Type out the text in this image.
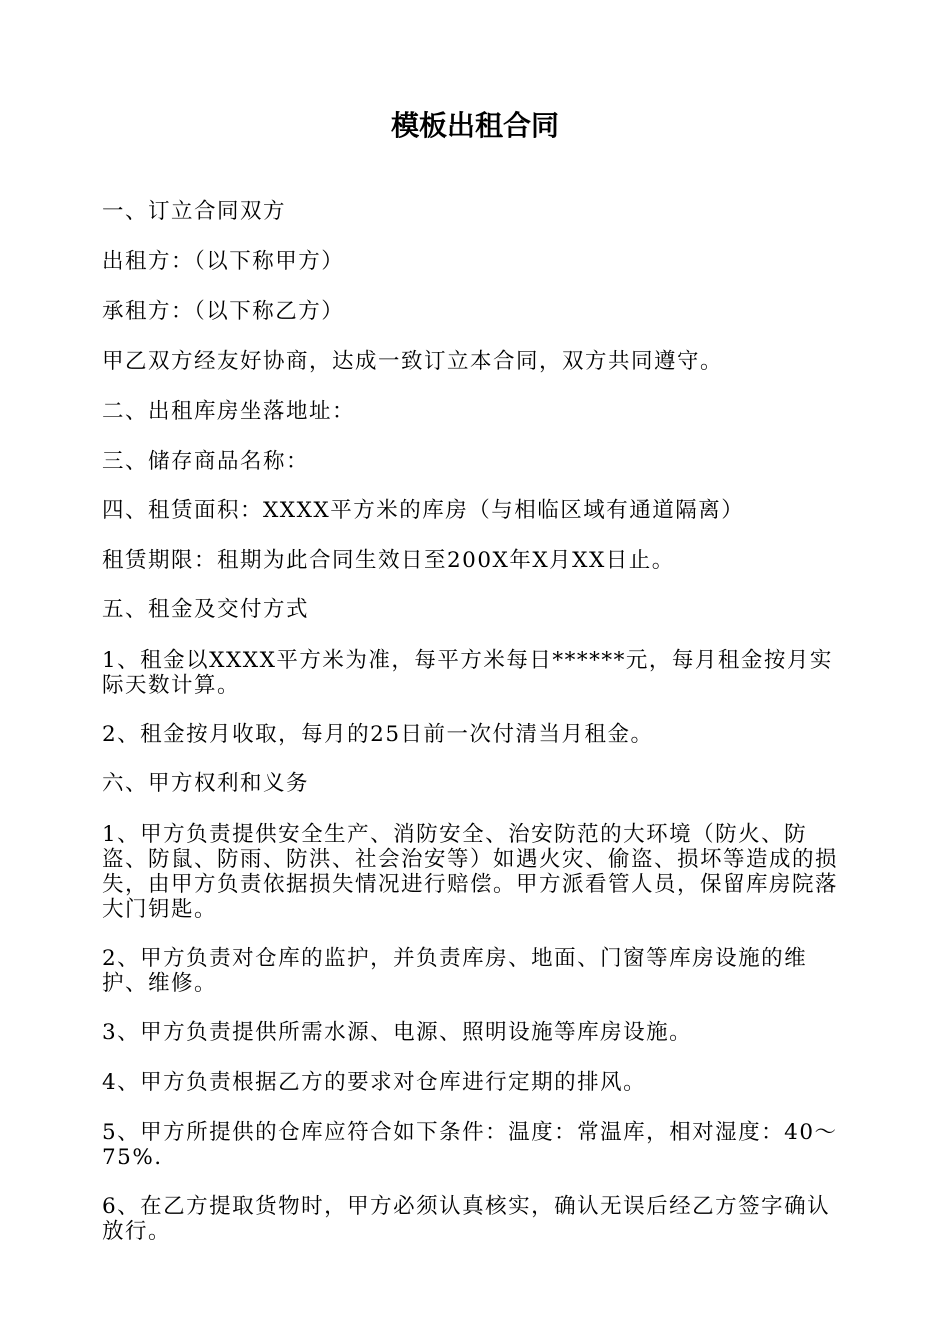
模板出租合同
一、订立合同双方
出租方：（以下称甲方）
承租方：（以下称乙方）
甲乙双方经友好协商，达成一致订立本合同，双方共同遵守。
二、出租库房坐落地址：
三、储存商品名称：
四、租赁面积：XXXX平方米的库房（与相临区域有通道隔离）
租赁期限：租期为此合同生效日至200X年X月XX日止。
五、租金及交付方式
1、租金以XXXX平方米为准，每平方米每日******元，每月租金按月实际天数计算。
2、租金按月收取，每月的25日前一次付清当月租金。
六、甲方权利和义务
1、甲方负责提供安全生产、消防安全、治安防范的大环境（防火、防盗、防鼠、防雨、防洪、社会治安等）如遇火灾、偷盗、损坏等造成的损失，由甲方负责依据损失情况进行赔偿。甲方派看管人员，保留库房院落大门钥匙。
2、甲方负责对仓库的监护，并负责库房、地面、门窗等库房设施的维护、维修。
3、甲方负责提供所需水源、电源、照明设施等库房设施。
4、甲方负责根据乙方的要求对仓库进行定期的排风。
5、甲方所提供的仓库应符合如下条件：温度：常温库，相对湿度：40～75%.
6、在乙方提取货物时，甲方必须认真核实，确认无误后经乙方签字确认放行。
